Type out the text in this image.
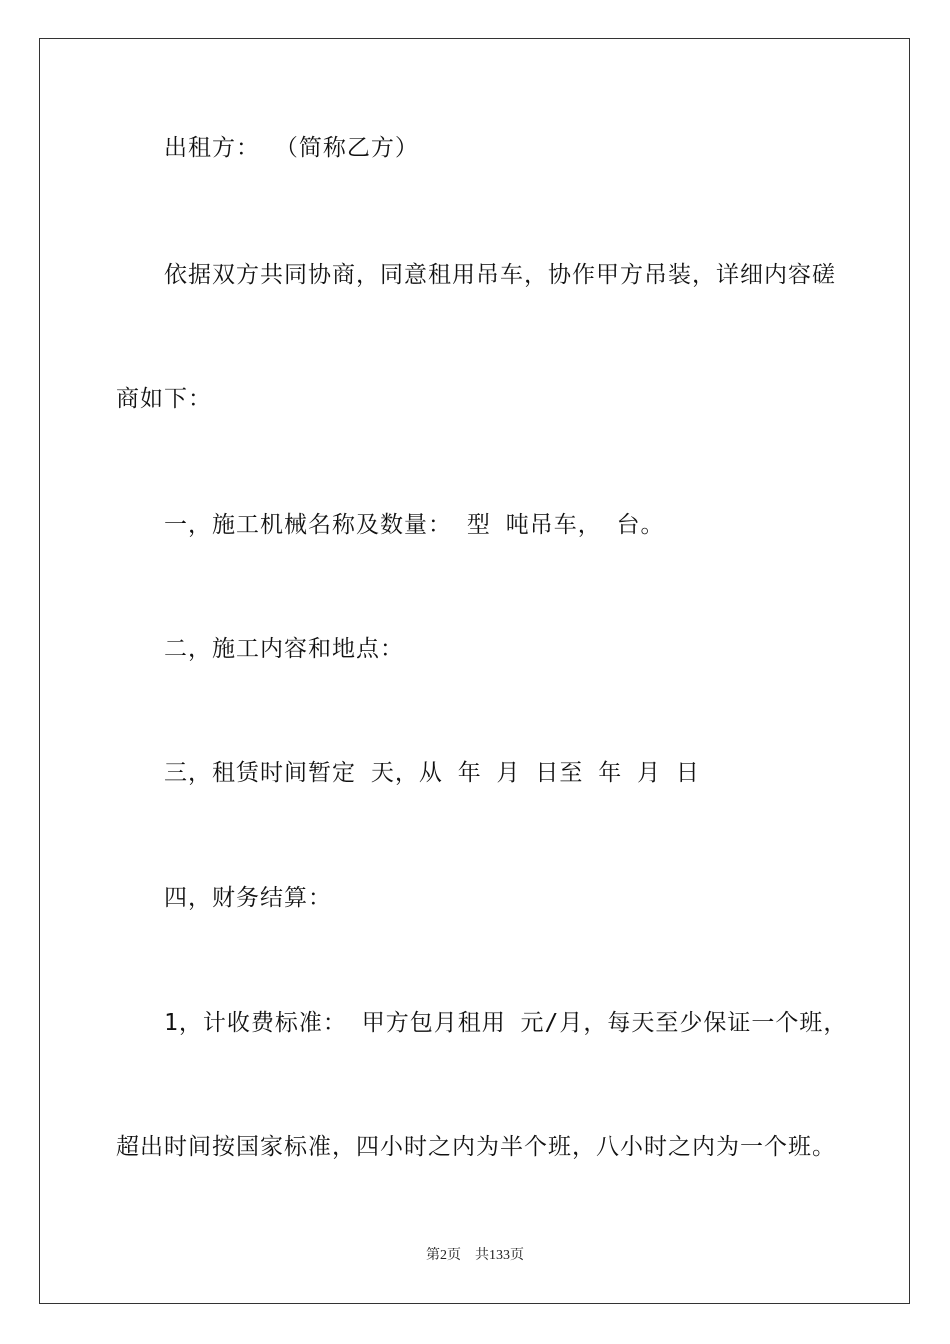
出租方： （简称乙方）
依据双方共同协商，同意租用吊车，协作甲方吊装，详细内容磋
商如下：
一，施工机械名称及数量： 型 吨吊车， 台。
二，施工内容和地点：
三，租赁时间暂定 天，从 年 月 日至 年 月 日
四，财务结算：
1，计收费标准： 甲方包月租用 元/月，每天至少保证一个班，
超出时间按国家标准，四小时之内为半个班，八小时之内为一个班。
第2页 共133页
